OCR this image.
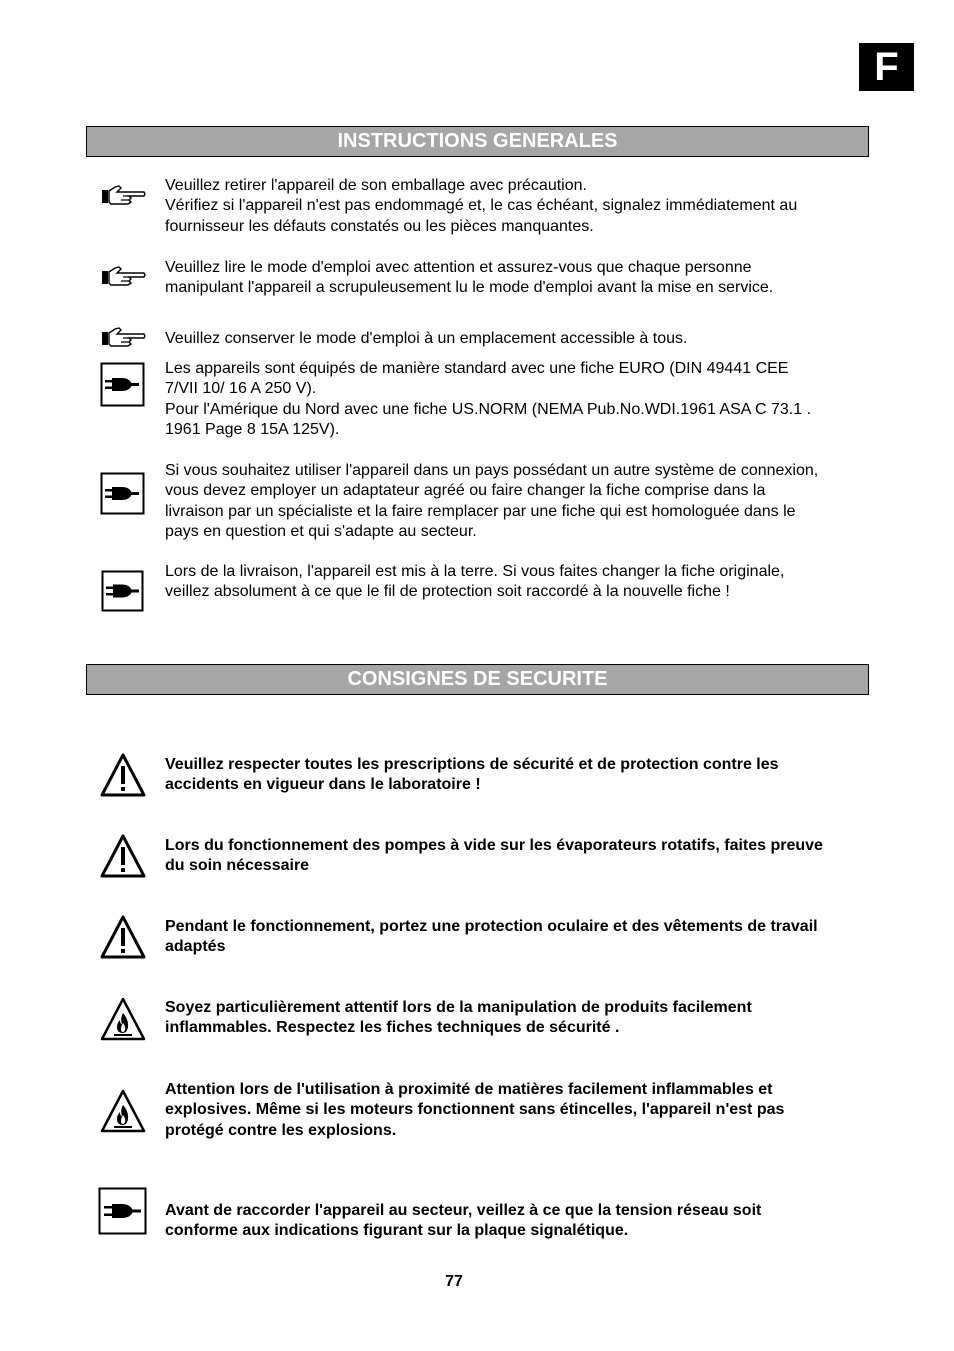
F
INSTRUCTIONS GENERALES
Veuillez retirer l'appareil de son emballage avec précaution.
Vérifiez si l'appareil n'est pas endommagé et, le cas échéant, signalez immédiatement au fournisseur les défauts constatés ou les pièces manquantes.
Veuillez lire le mode d'emploi avec attention et assurez-vous que chaque personne manipulant l'appareil a scrupuleusement lu le mode d'emploi avant la mise en service.
Veuillez conserver le mode d'emploi à un emplacement accessible à tous.
Les appareils sont équipés de manière standard avec une fiche EURO (DIN 49441 CEE 7/VII 10/ 16 A 250 V).
Pour l'Amérique du Nord avec une fiche US.NORM (NEMA Pub.No.WDI.1961 ASA C 73.1 . 1961 Page 8 15A 125V).
Si vous souhaitez utiliser l'appareil dans un pays possédant un autre système de connexion, vous devez employer un adaptateur agréé ou faire changer la fiche comprise dans la livraison par un spécialiste et la faire remplacer par une fiche qui est homologuée dans le pays en question et qui s'adapte au secteur.
Lors de la livraison, l'appareil est mis à la terre. Si vous faites changer la fiche originale, veillez absolument à ce que le fil de protection soit raccordé à la nouvelle fiche !
CONSIGNES DE SECURITE
Veuillez respecter toutes les prescriptions de sécurité et de protection contre les accidents en vigueur dans le laboratoire !
Lors du fonctionnement des pompes à vide sur les évaporateurs rotatifs, faites preuve du soin nécessaire
Pendant le fonctionnement, portez une protection oculaire et des vêtements de travail adaptés
Soyez particulièrement attentif lors de la manipulation de produits facilement inflammables. Respectez les fiches techniques de sécurité .
Attention lors de l'utilisation à proximité de matières facilement inflammables et explosives. Même si les moteurs fonctionnent sans étincelles, l'appareil n'est pas protégé contre les explosions.
Avant de raccorder l'appareil au secteur, veillez à ce que la tension réseau soit conforme aux indications figurant sur la plaque signalétique.
77
